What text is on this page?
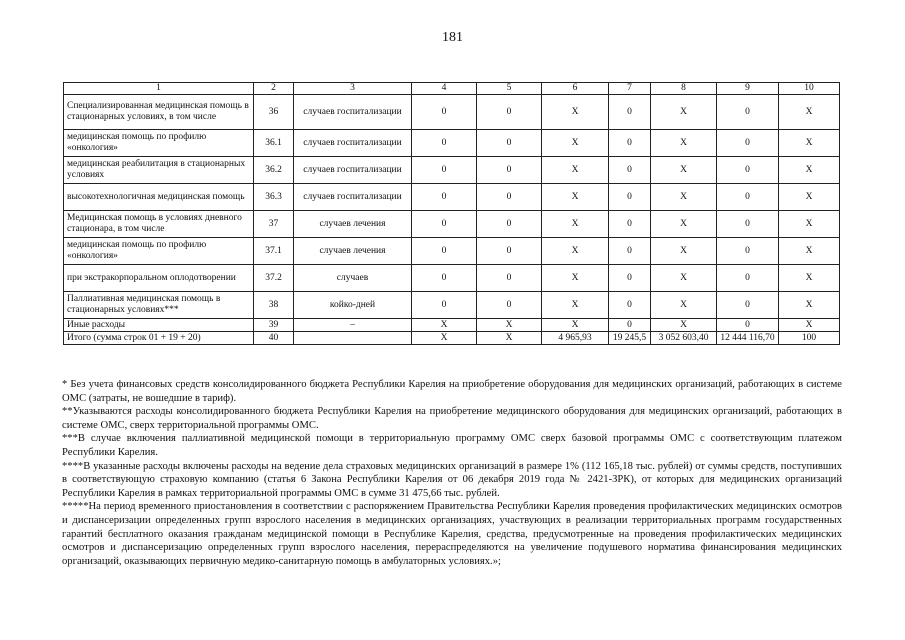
181
1	2	3	4	5	6	7	8	9	10
Специализированная медицинская помощь в стационарных условиях, в том числе	36	случаев госпитализации	0	0	X	0	X	0	X
медицинская помощь по профилю «онкология»	36.1	случаев госпитализации	0	0	X	0	X	0	X
медицинская реабилитация в стационарных условиях	36.2	случаев госпитализации	0	0	X	0	X	0	X
высокотехнологичная медицинская помощь	36.3	случаев госпитализации	0	0	X	0	X	0	X
Медицинская помощь в условиях дневного стационара, в том числе	37	случаев лечения	0	0	X	0	X	0	X
медицинская помощь по профилю «онкология»	37.1	случаев лечения	0	0	X	0	X	0	X
при экстракорпоральном оплодотворении	37.2	случаев	0	0	X	0	X	0	X
Паллиативная медицинская помощь в стационарных условиях***	38	койко-дней	0	0	X	0	X	0	X
Иные расходы	39	–	X	X	X	0	X	0	X
Итого (сумма строк 01 + 19 + 20)	40		X	X	4 965,93	19 245,5	3 052 603,40	12 444 116,70	100

* Без учета финансовых средств консолидированного бюджета Республики Карелия на приобретение оборудования для медицинских организаций, работающих в системе ОМС (затраты, не вошедшие в тариф).

**Указываются расходы консолидированного бюджета Республики Карелия на приобретение медицинского оборудования для медицинских организаций, работающих в системе ОМС, сверх территориальной программы ОМС.

***В случае включения паллиативной медицинской помощи в территориальную программу ОМС сверх базовой программы ОМС с соответствующим платежом Республики Карелия.

****В указанные расходы включены расходы на ведение дела страховых медицинских организаций в размере 1% (112 165,18 тыс. рублей) от суммы средств, поступивших в соответствующую страховую компанию (статья 6 Закона Республики Карелия от 06 декабря 2019 года № 2421-ЗРК), от которых для медицинских организаций Республики Карелия в рамках территориальной программы ОМС в сумме 31 475,66 тыс. рублей.

*****На период временного приостановления в соответствии с распоряжением Правительства Республики Карелия проведения профилактических медицинских осмотров и диспансеризации определенных групп взрослого населения в медицинских организациях, участвующих в реализации территориальных программ государственных гарантий бесплатного оказания гражданам медицинской помощи в Республике Карелия, средства, предусмотренные на проведения профилактических медицинских осмотров и диспансеризацию определенных групп взрослого населения, перераспределяются на увеличение подушевого норматива финансирования медицинских организаций, оказывающих первичную медико-санитарную помощь в амбулаторных условиях.»;
